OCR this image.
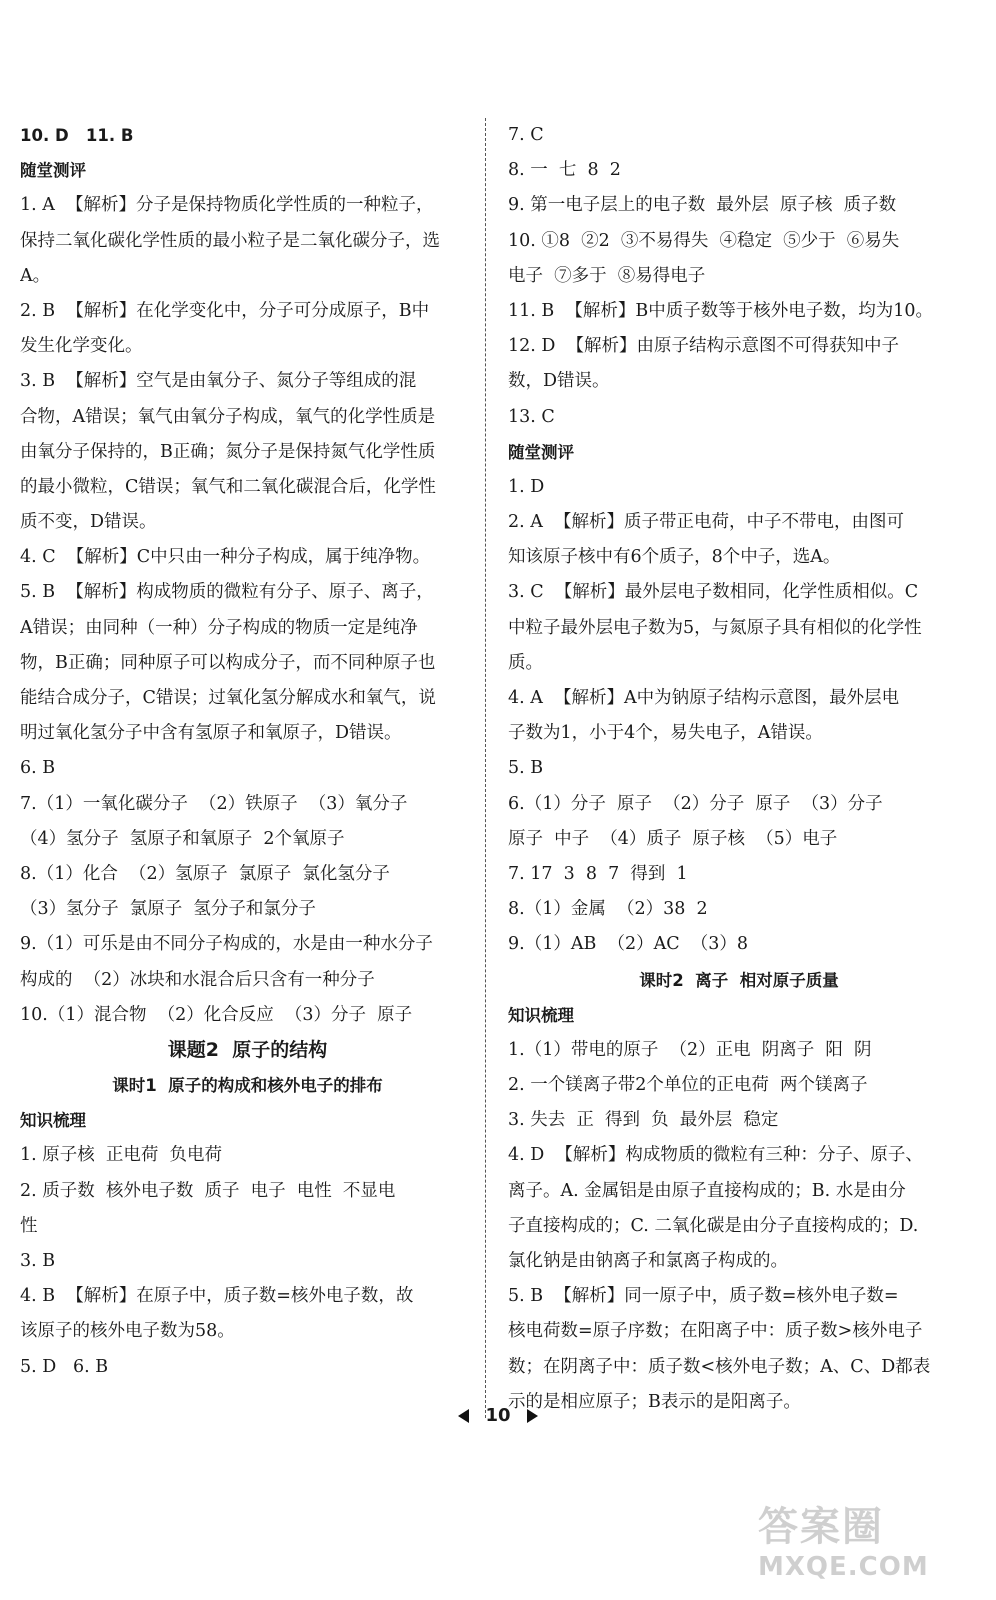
10. D   11. B
随堂测评
1. A  【解析】分子是保持物质化学性质的一种粒子，
保持二氧化碳化学性质的最小粒子是二氧化碳分子，选
A。
2. B  【解析】在化学变化中，分子可分成原子，B中
发生化学变化。
3. B  【解析】空气是由氧分子、氮分子等组成的混
合物，A错误；氧气由氧分子构成，氧气的化学性质是
由氧分子保持的，B正确；氮分子是保持氮气化学性质
的最小微粒，C错误；氧气和二氧化碳混合后，化学性
质不变，D错误。
4. C  【解析】C中只由一种分子构成，属于纯净物。
5. B  【解析】构成物质的微粒有分子、原子、离子，
A错误；由同种（一种）分子构成的物质一定是纯净
物，B正确；同种原子可以构成分子，而不同种原子也
能结合成分子，C错误；过氧化氢分解成水和氧气，说
明过氧化氢分子中含有氢原子和氧原子，D错误。
6. B
7.（1）一氧化碳分子  （2）铁原子  （3）氧分子
（4）氢分子  氢原子和氧原子  2个氧原子
8.（1）化合  （2）氢原子  氯原子  氯化氢分子
（3）氢分子  氯原子  氢分子和氯分子
9.（1）可乐是由不同分子构成的，水是由一种水分子
构成的  （2）冰块和水混合后只含有一种分子
10.（1）混合物  （2）化合反应  （3）分子  原子
课题2  原子的结构
课时1  原子的构成和核外电子的排布
知识梳理
1. 原子核  正电荷  负电荷
2. 质子数  核外电子数  质子  电子  电性  不显电
性
3. B
4. B  【解析】在原子中，质子数=核外电子数，故
该原子的核外电子数为58。
5. D   6. B
7. C
8. 一  七  8  2
9. 第一电子层上的电子数  最外层  原子核  质子数
10. ①8  ②2  ③不易得失  ④稳定  ⑤少于  ⑥易失
电子  ⑦多于  ⑧易得电子
11. B  【解析】B中质子数等于核外电子数，均为10。
12. D  【解析】由原子结构示意图不可得获知中子
数，D错误。
13. C
随堂测评
1. D
2. A  【解析】质子带正电荷，中子不带电，由图可
知该原子核中有6个质子，8个中子，选A。
3. C  【解析】最外层电子数相同，化学性质相似。C
中粒子最外层电子数为5，与氮原子具有相似的化学性
质。
4. A  【解析】A中为钠原子结构示意图，最外层电
子数为1，小于4个，易失电子，A错误。
5. B
6.（1）分子  原子  （2）分子  原子  （3）分子
原子  中子  （4）质子  原子核  （5）电子
7. 17  3  8  7  得到  1
8.（1）金属  （2）38  2
9.（1）AB  （2）AC  （3）8
课时2  离子  相对原子质量
知识梳理
1.（1）带电的原子  （2）正电  阴离子  阳  阴
2. 一个镁离子带2个单位的正电荷  两个镁离子
3. 失去  正  得到  负  最外层  稳定
4. D  【解析】构成物质的微粒有三种：分子、原子、
离子。A. 金属铝是由原子直接构成的；B. 水是由分
子直接构成的；C. 二氧化碳是由分子直接构成的；D.
氯化钠是由钠离子和氯离子构成的。
5. B  【解析】同一原子中，质子数=核外电子数=
核电荷数=原子序数；在阳离子中：质子数>核外电子
数；在阴离子中：质子数<核外电子数；A、C、D都表
示的是相应原子；B表示的是阳离子。
10
答案圈
MXQE.COM
